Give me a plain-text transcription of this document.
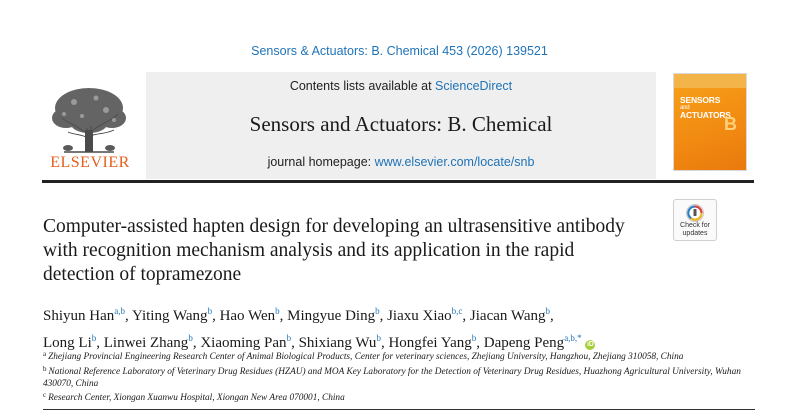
Sensors & Actuators: B. Chemical 453 (2026) 139521
Contents lists available at ScienceDirect
Sensors and Actuators: B. Chemical
journal homepage: www.elsevier.com/locate/snb
ELSEVIER
SENSORS
and
ACTUATORS
B
Check for
updates
Computer-assisted hapten design for developing an ultrasensitive antibody
with recognition mechanism analysis and its application in the rapid
detection of topramezone
Shiyun Han$^{a,b}$, Yiting Wang$^b$, Hao Wen$^b$, Mingyue Ding$^b$, Jiaxu Xiao$^{b,c}$, Jiacan Wang$^b$,
Long Li$^b$, Linwei Zhang$^b$, Xiaoming Pan$^b$, Shixiang Wu$^b$, Hongfei Yang$^b$, Dapeng Peng$^{a,b,*}$ iD
$^a$ Zhejiang Provincial Engineering Research Center of Animal Biological Products, Center for veterinary sciences, Zhejiang University, Hangzhou, Zhejiang 310058, China
$^b$ National Reference Laboratory of Veterinary Drug Residues (HZAU) and MOA Key Laboratory for the Detection of Veterinary Drug Residues, Huazhong Agricultural University, Wuhan 430070, China
$^c$ Research Center, Xiongan Xuanwu Hospital, Xiongan New Area 070001, China
